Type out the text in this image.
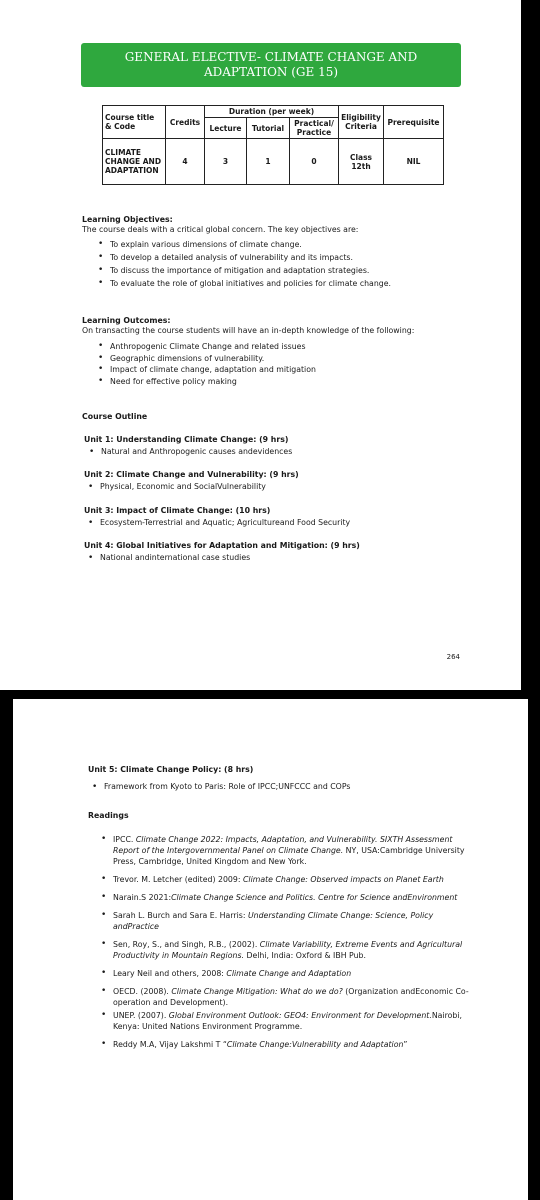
GENERAL ELECTIVE- CLIMATE CHANGE AND
ADAPTATION (GE 15)
Course title & Code	Credits	Duration (per week)			Eligibility Criteria	Prerequisite
		Lecture	Tutorial	Practical/ Practice		
CLIMATE CHANGE AND ADAPTATION	4	3	1	0	Class 12th	NIL
Learning Objectives:
The course deals with a critical global concern. The key objectives are:
• To explain various dimensions of climate change.
• To develop a detailed analysis of vulnerability and its impacts.
• To discuss the importance of mitigation and adaptation strategies.
• To evaluate the role of global initiatives and policies for climate change.
Learning Outcomes:
On transacting the course students will have an in-depth knowledge of the following:
• Anthropogenic Climate Change and related issues
• Geographic dimensions of vulnerability.
• Impact of climate change, adaptation and mitigation
• Need for effective policy making
Course Outline
Unit 1: Understanding Climate Change: (9 hrs)
• Natural and Anthropogenic causes andevidences
Unit 2: Climate Change and Vulnerability: (9 hrs)
• Physical, Economic and SocialVulnerability
Unit 3: Impact of Climate Change: (10 hrs)
• Ecosystem-Terrestrial and Aquatic; Agricultureand Food Security
Unit 4: Global Initiatives for Adaptation and Mitigation: (9 hrs)
• National andinternational case studies
264
Unit 5: Climate Change Policy: (8 hrs)
• Framework from Kyoto to Paris: Role of IPCC;UNFCCC and COPs
Readings
• IPCC. Climate Change 2022: Impacts, Adaptation, and Vulnerability. SIXTH Assessment Report of the Intergovernmental Panel on Climate Change. NY, USA:Cambridge University Press, Cambridge, United Kingdom and New York.
• Trevor. M. Letcher (edited) 2009: Climate Change: Observed impacts on Planet Earth
• Narain.S 2021:Climate Change Science and Politics. Centre for Science andEnvironment
• Sarah L. Burch and Sara E. Harris: Understanding Climate Change: Science, Policy andPractice
• Sen, Roy, S., and Singh, R.B., (2002). Climate Variability, Extreme Events and Agricultural Productivity in Mountain Regions. Delhi, India: Oxford & IBH Pub.
• Leary Neil and others, 2008: Climate Change and Adaptation
• OECD. (2008). Climate Change Mitigation: What do we do? (Organization andEconomic Co-operation and Development).
• UNEP. (2007). Global Environment Outlook: GEO4: Environment for Development.Nairobi, Kenya: United Nations Environment Programme.
• Reddy M.A, Vijay Lakshmi T “Climate Change:Vulnerability and Adaptation”
